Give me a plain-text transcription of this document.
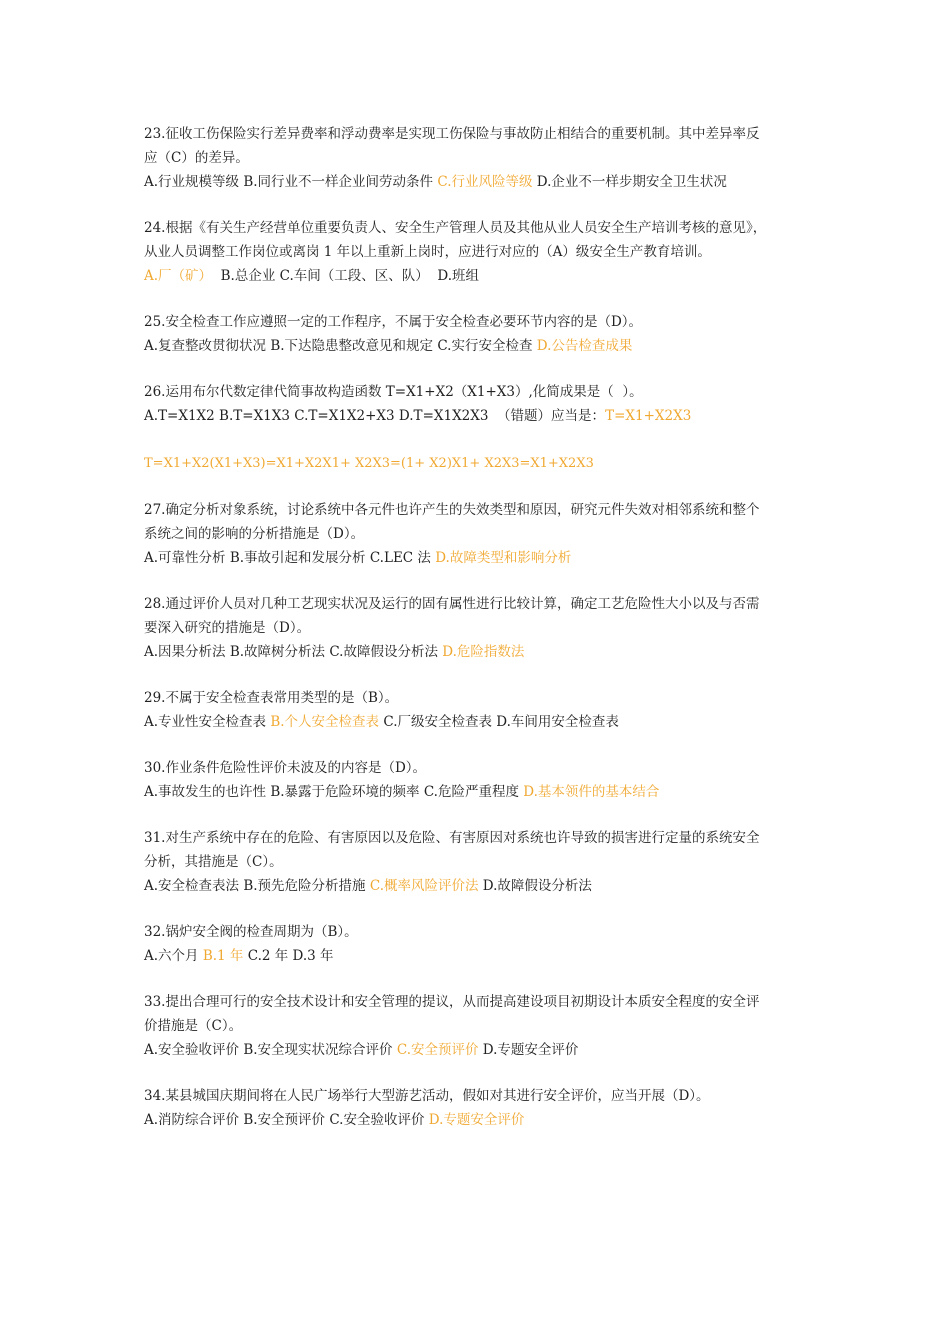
23.征收工伤保险实行差异费率和浮动费率是实现工伤保险与事故防止相结合的重要机制。其中差异率反

应（C）的差异。

A.行业规模等级 B.同行业不一样企业间劳动条件 C.行业风险等级 D.企业不一样步期安全卫生状况

24.根据《有关生产经营单位重要负责人、安全生产管理人员及其他从业人员安全生产培训考核的意见》，

从业人员调整工作岗位或离岗 1 年以上重新上岗时，应进行对应的（A）级安全生产教育培训。

A.厂（矿）  B.总企业 C.车间（工段、区、队）  D.班组

25.安全检查工作应遵照一定的工作程序，不属于安全检查必要环节内容的是（D）。

A.复查整改贯彻状况 B.下达隐患整改意见和规定 C.实行安全检查 D.公告检查成果

26.运用布尔代数定律代简事故构造函数 T=X1+X2（X1+X3）,化简成果是（  ）。

A.T=X1X2 B.T=X1X3 C.T=X1X2+X3 D.T=X1X2X3  （错题）应当是：T=X1+X2X3

T=X1+X2(X1+X3)=X1+X2X1+ X2X3=(1+ X2)X1+ X2X3=X1+X2X3

27.确定分析对象系统，讨论系统中各元件也许产生的失效类型和原因，研究元件失效对相邻系统和整个

系统之间的影响的分析措施是（D）。

A.可靠性分析 B.事故引起和发展分析 C.LEC 法 D.故障类型和影响分析

28.通过评价人员对几种工艺现实状况及运行的固有属性进行比较计算，确定工艺危险性大小以及与否需

要深入研究的措施是（D）。

A.因果分析法 B.故障树分析法 C.故障假设分析法 D.危险指数法

29.不属于安全检查表常用类型的是（B）。

A.专业性安全检查表 B.个人安全检查表 C.厂级安全检查表 D.车间用安全检查表

30.作业条件危险性评价未波及的内容是（D）。

A.事故发生的也许性 B.暴露于危险环境的频率 C.危险严重程度 D.基本领件的基本结合

31.对生产系统中存在的危险、有害原因以及危险、有害原因对系统也许导致的损害进行定量的系统安全

分析，其措施是（C）。

A.安全检查表法 B.预先危险分析措施 C.概率风险评价法 D.故障假设分析法

32.锅炉安全阀的检查周期为（B）。

A.六个月 B.1 年 C.2 年 D.3 年

33.提出合理可行的安全技术设计和安全管理的提议，从而提高建设项目初期设计本质安全程度的安全评

价措施是（C）。

A.安全验收评价 B.安全现实状况综合评价 C.安全预评价 D.专题安全评价

34.某县城国庆期间将在人民广场举行大型游艺活动，假如对其进行安全评价，应当开展（D）。

A.消防综合评价 B.安全预评价 C.安全验收评价 D.专题安全评价
